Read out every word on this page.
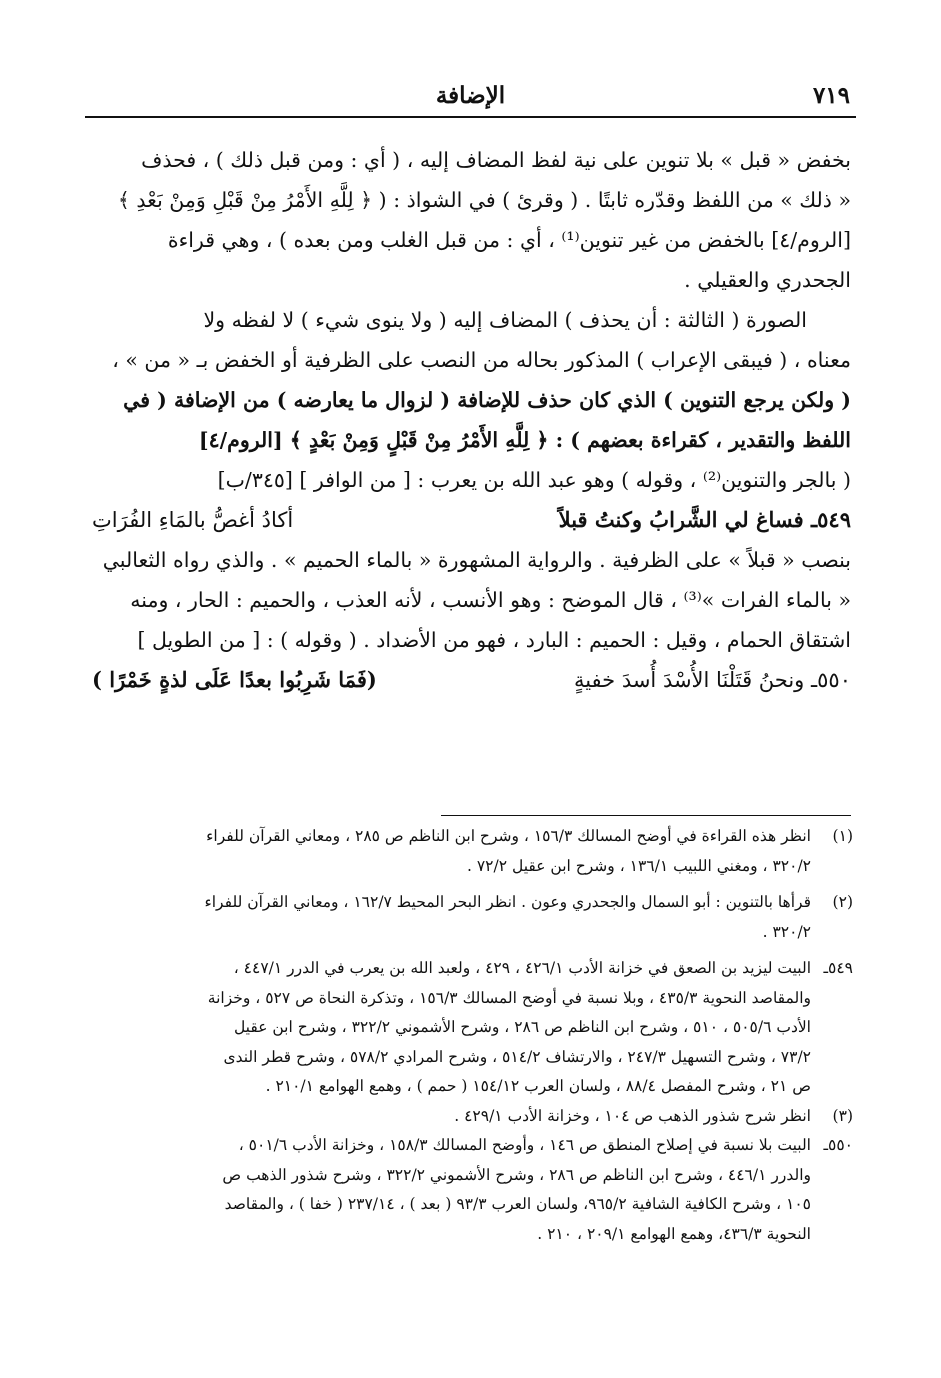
الإضافة	٧١٩

بخفض « قبل » بلا تنوين على نية لفظ المضاف إليه ، ( أي : ومن قبل ذلك ) ، فحذف
« ذلك » من اللفظ وقدّره ثابتًا . ( وقرئ ) في الشواذ : ( ﴿ لِلَّهِ الأَمْرُ مِنْ قَبْلِ وَمِنْ بَعْدِ ﴾
[الروم/٤] بالخفض من غير تنوين⁽¹⁾ ، أي : من قبل الغلب ومن بعده ) ، وهي قراءة
الجحدري والعقيلي .

الصورة ( الثالثة : أن يحذف ) المضاف إليه ( ولا ينوى شيء ) لا لفظه ولا
معناه ، ( فيبقى الإعراب ) المذكور بحاله من النصب على الظرفية أو الخفض بـ « من » ،
( ولكن يرجع التنوين ) الذي كان حذف للإضافة ( لزوال ما يعارضه ) من الإضافة ( في
اللفظ والتقدير ، كقراءة بعضهم ) : ﴿ لِلَّهِ الأَمْرُ مِنْ قَبْلٍ وَمِنْ بَعْدٍ ﴾ [الروم/٤]
( بالجر والتنوين⁽²⁾ ، وقوله ) وهو عبد الله بن يعرب : [ من الوافر ] [٣٤٥/ب]

٥٤٩ـ فساغ لي الشَّرابُ وكنتُ قبلاً
أكادُ أغصُّ بالمَاءِ الفُرَاتِ

بنصب « قبلاً » على الظرفية . والرواية المشهورة « بالماء الحميم » . والذي رواه الثعالبي
« بالماء الفرات »⁽³⁾ ، قال الموضح : وهو الأنسب ، لأنه العذب ، والحميم : الحار ، ومنه
اشتقاق الحمام ، وقيل : الحميم : البارد ، فهو من الأضداد . ( وقوله ) : [ من الطويل ]

٥٥٠ـ ونحنُ قَتَلْنَا الأُسْدَ أُسدَ خفيةٍ
(فَمَا شَرِبُوا بعدًا عَلَى لذةٍ خَمْرًا )
(١)انظر هذه القراءة في أوضح المسالك ١٥٦/٣ ، وشرح ابن الناظم ص ٢٨٥ ، ومعاني القرآن للفراء
٣٢٠/٢ ، ومغني اللبيب ١٣٦/١ ، وشرح ابن عقيل ٧٢/٢ .
(٢)قرأها بالتنوين : أبو السمال والجحدري وعون . انظر البحر المحيط ١٦٢/٧ ، ومعاني القرآن للفراء
٣٢٠/٢ .
٥٤٩ـالبيت ليزيد بن الصعق في خزانة الأدب ٤٢٦/١ ، ٤٢٩ ، ولعبد الله بن يعرب في الدرر ٤٤٧/١ ،
والمقاصد النحوية ٤٣٥/٣ ، وبلا نسبة في أوضح المسالك ١٥٦/٣ ، وتذكرة النحاة ص ٥٢٧ ، وخزانة
الأدب ٥٠٥/٦ ، ٥١٠ ، وشرح ابن الناظم ص ٢٨٦ ، وشرح الأشموني ٣٢٢/٢ ، وشرح ابن عقيل
٧٣/٢ ، وشرح التسهيل ٢٤٧/٣ ، والارتشاف ٥١٤/٢ ، وشرح المرادي ٥٧٨/٢ ، وشرح قطر الندى
ص ٢١ ، وشرح المفصل ٨٨/٤ ، ولسان العرب ١٥٤/١٢ ( حمم ) ، وهمع الهوامع ٢١٠/١ .
(٣)انظر شرح شذور الذهب ص ١٠٤ ، وخزانة الأدب ٤٢٩/١ .
٥٥٠ـالبيت بلا نسبة في إصلاح المنطق ص ١٤٦ ، وأوضح المسالك ١٥٨/٣ ، وخزانة الأدب ٥٠١/٦ ،
والدرر ٤٤٦/١ ، وشرح ابن الناظم ص ٢٨٦ ، وشرح الأشموني ٣٢٢/٢ ، وشرح شذور الذهب ص
١٠٥ ، وشرح الكافية الشافية ٩٦٥/٢، ولسان العرب ٩٣/٣ ( بعد ) ، ٢٣٧/١٤ ( خفا ) ، والمقاصد
النحوية ٤٣٦/٣، وهمع الهوامع ٢٠٩/١ ، ٢١٠ .
